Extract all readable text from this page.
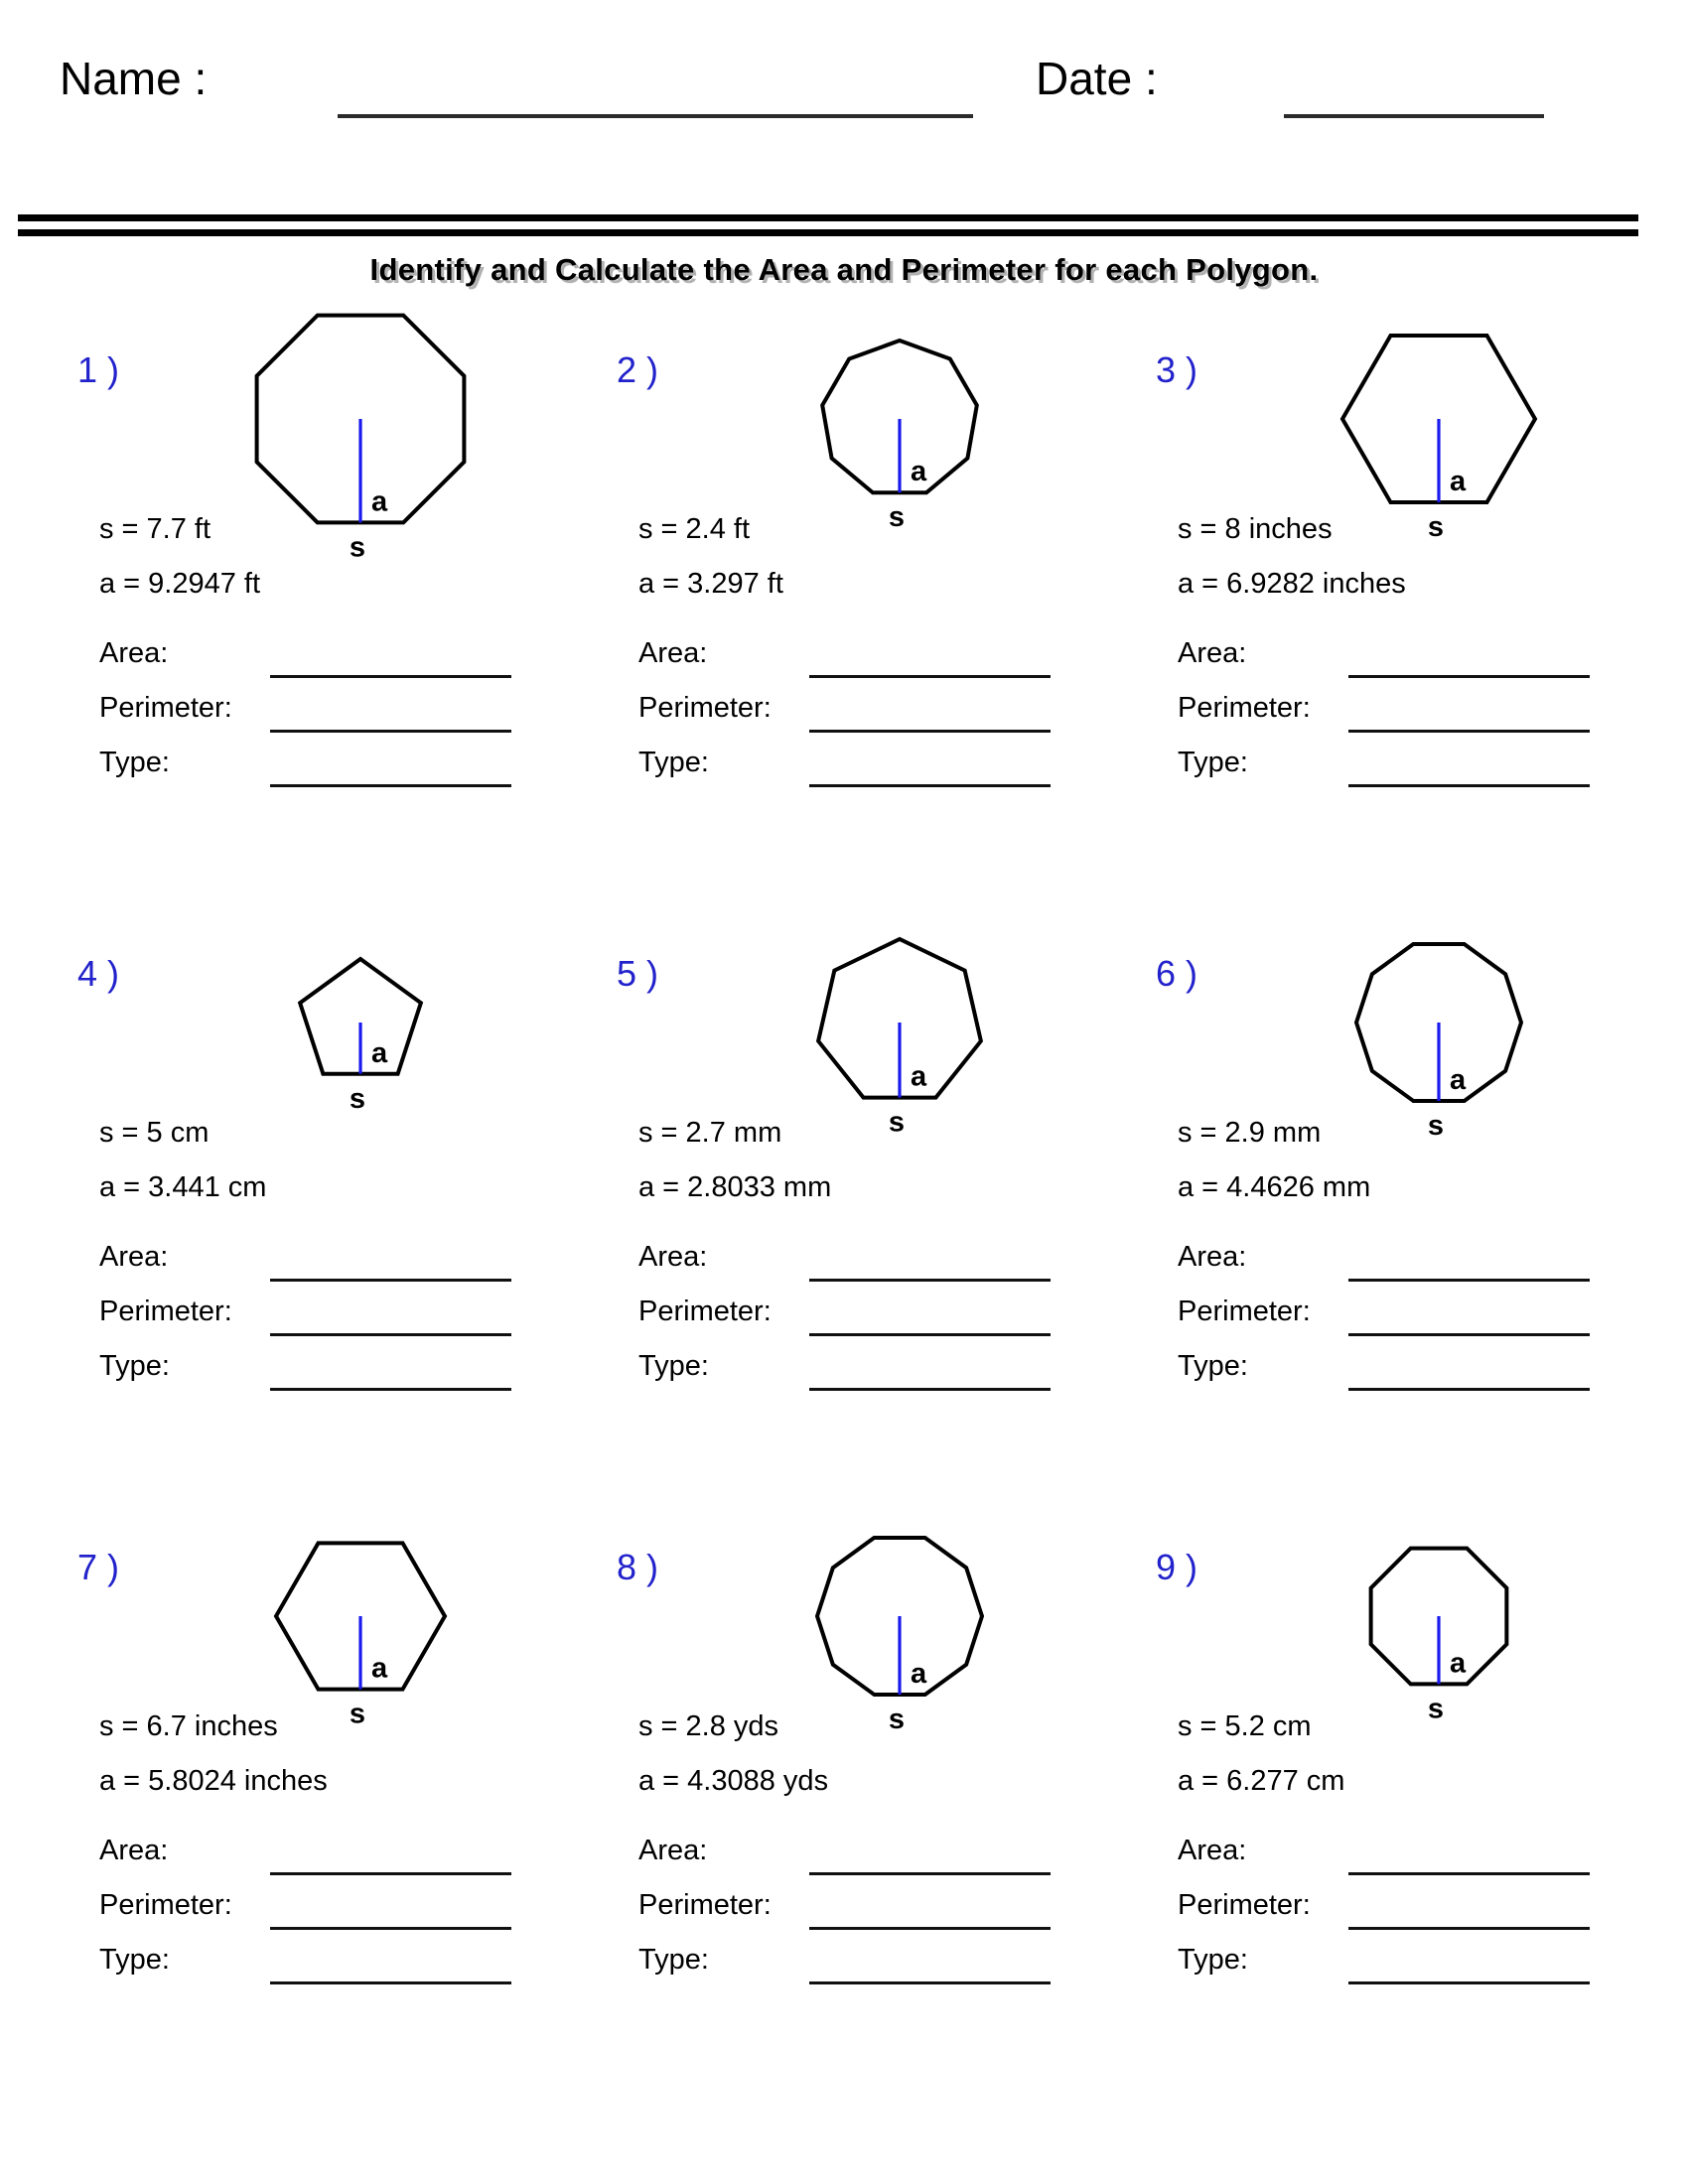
Name :	Date :
Identify and Calculate the Area and Perimeter for each Polygon.
1 )
a
s
s = 7.7 ft
a = 9.2947 ft
Area:
Perimeter:
Type:
2 )
a
s
s = 2.4 ft
a = 3.297 ft
Area:
Perimeter:
Type:
3 )
a
s
s = 8 inches
a = 6.9282 inches
Area:
Perimeter:
Type:
4 )
a
s
s = 5 cm
a = 3.441 cm
Area:
Perimeter:
Type:
5 )
a
s
s = 2.7 mm
a = 2.8033 mm
Area:
Perimeter:
Type:
6 )
a
s
s = 2.9 mm
a = 4.4626 mm
Area:
Perimeter:
Type:
7 )
a
s
s = 6.7 inches
a = 5.8024 inches
Area:
Perimeter:
Type:
8 )
a
s
s = 2.8 yds
a = 4.3088 yds
Area:
Perimeter:
Type:
9 )
a
s
s = 5.2 cm
a = 6.277 cm
Area:
Perimeter:
Type:
